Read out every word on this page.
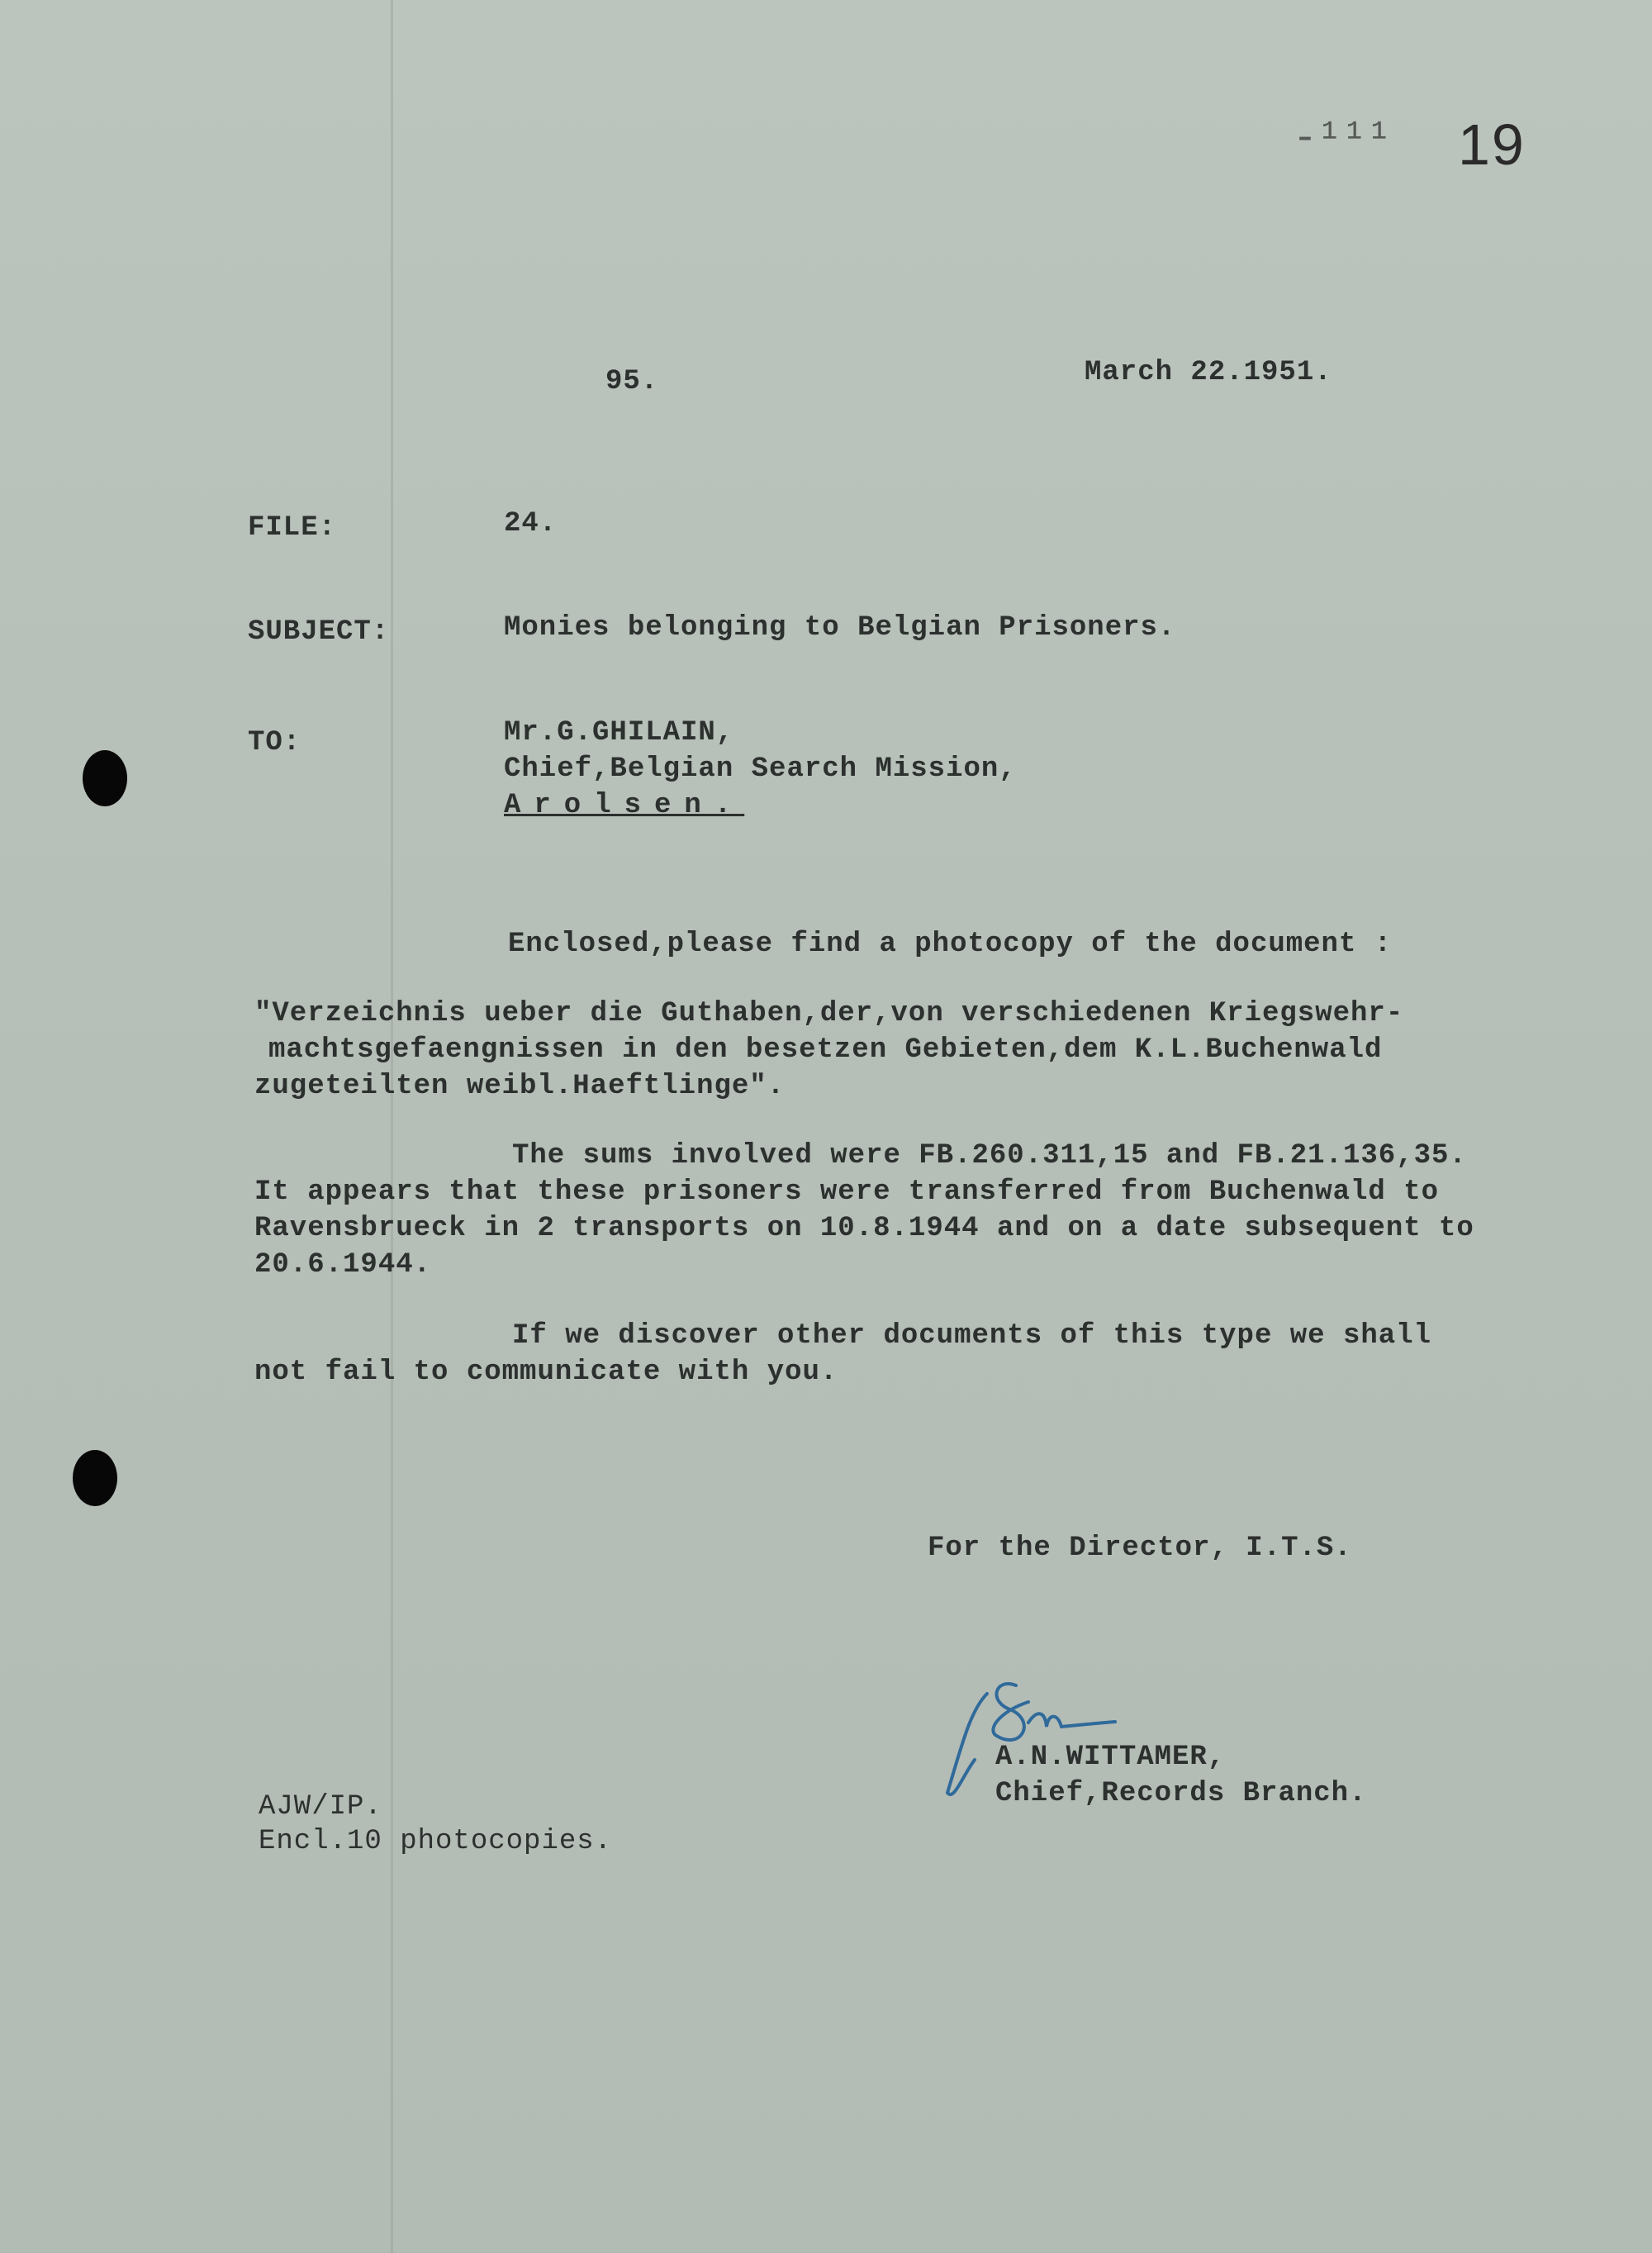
-¹¹¹ 19
95.	March 22.1951.
FILE:	24.
SUBJECT:	Monies belonging to Belgian Prisoners.
TO:	Mr.G.GHILAIN,
Chief,Belgian Search Mission,
Arolsen.
Enclosed,please find a photocopy of the document :
"Verzeichnis ueber die Guthaben,der,von verschiedenen Kriegswehr-
machtsgefaengnissen in den besetzen Gebieten,dem K.L.Buchenwald
zugeteilten weibl.Haeftlinge".
The sums involved were FB.260.311,15 and FB.21.136,35.
It appears that these prisoners were transferred from Buchenwald to
Ravensbrueck in 2 transports on 10.8.1944 and on a date subsequent to
20.6.1944.
If we discover other documents of this type we shall
not fail to communicate with you.
For the Director, I.T.S.
A.N.WITTAMER,
Chief,Records Branch.
AJW/IP.
Encl.10 photocopies.
